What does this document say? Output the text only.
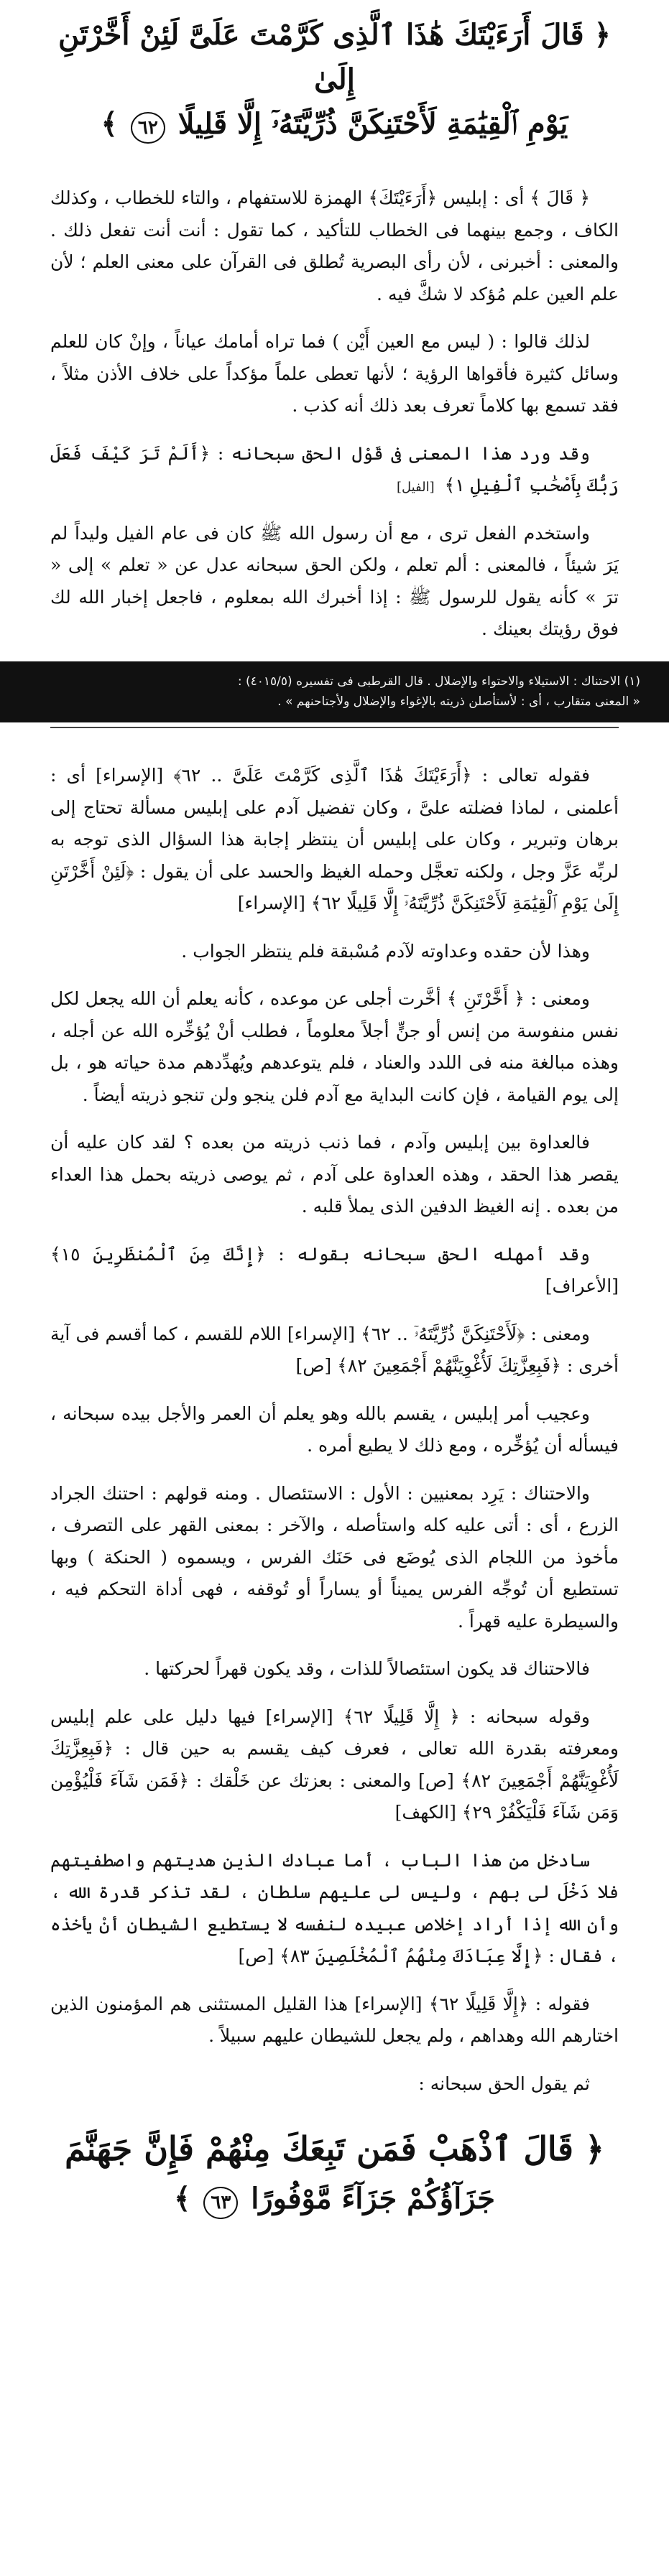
﴿ قَالَ أَرَءَيْتَكَ هَٰذَا ٱلَّذِى كَرَّمْتَ عَلَىَّ لَئِنْ أَخَّرْتَنِ إِلَىٰ
يَوْمِ ٱلْقِيَٰمَةِ لَأَحْتَنِكَنَّ ذُرِّيَّتَهُۥٓ إِلَّا قَلِيلًا ٦٢ ﴾

﴿ قَالَ ﴾ أى : إبليس ﴿أَرَءَيْتَكَ﴾ الهمزة للاستفهام ، والتاء للخطاب ، وكذلك الكاف ، وجمع بينهما فى الخطاب للتأكيد ، كما تقول : أنت أنت تفعل ذلك . والمعنى : أخبرنى ، لأن رأى البصرية تُطلق فى القرآن على معنى العلم ؛ لأن علم العين علم مُؤكد لا شكَّ فيه .

لذلك قالوا : ( ليس مع العين أَيْن ) فما تراه أمامك عياناً ، وإنْ كان للعلم وسائل كثيرة فأقواها الرؤية ؛ لأنها تعطى علماً مؤكداً على خلاف الأذن مثلاً ، فقد تسمع بها كلاماً تعرف بعد ذلك أنه كذب .

وقد ورد هذا المعنى فى قَوْل الحق سبحانه : ﴿أَلَمْ تَرَ كَيْفَ فَعَلَ رَبُّكَ بِأَصْحَٰبِ ٱلْفِيلِ ١﴾ [الفيل]

واستخدم الفعل ترى ، مع أن رسول الله ﷺ كان فى عام الفيل وليداً لم يَرَ شيئاً ، فالمعنى : ألم تعلم ، ولكن الحق سبحانه عدل عن « تعلم » إلى « ترَ » كأنه يقول للرسول ﷺ : إذا أخبرك الله بمعلوم ، فاجعل إخبار الله لك فوق رؤيتك بعينك .

(١) الاحتناك : الاستيلاء والاحتواء والإضلال . قال القرطبى فى تفسيره (٤٠١٥/٥) :
« المعنى متقارب ، أى : لأستأصلن ذريته بالإغواء والإضلال ولأجتاحنهم » .

فقوله تعالى : ﴿أَرَءَيْتَكَ هَٰذَا ٱلَّذِى كَرَّمْتَ عَلَىَّ .. ٦٢﴾ [الإسراء] أى : أعلمنى ، لماذا فضلته علىَّ ، وكان تفضيل آدم على إبليس مسألة تحتاج إلى برهان وتبرير ، وكان على إبليس أن ينتظر إجابة هذا السؤال الذى توجه به لربِّه عَزَّ وجل ، ولكنه تعجَّل وحمله الغيظ والحسد على أن يقول : ﴿لَئِنْ أَخَّرْتَنِ إِلَىٰ يَوْمِ ٱلْقِيَٰمَةِ لَأَحْتَنِكَنَّ ذُرِّيَّتَهُۥٓ إِلَّا قَلِيلًا ٦٢﴾ [الإسراء]

وهذا لأن حقده وعداوته لآدم مُسْبقة فلم ينتظر الجواب .

ومعنى : ﴿ أَخَّرْتَنِ ﴾ أخَّرت أجلى عن موعده ، كأنه يعلم أن الله يجعل لكل نفس منفوسة من إنس أو جنٍّ أجلاً معلوماً ، فطلب أنْ يُؤخِّره الله عن أجله ، وهذه مبالغة منه فى اللدد والعناد ، فلم يتوعدهم ويُهدِّدهم مدة حياته هو ، بل إلى يوم القيامة ، فإن كانت البداية مع آدم فلن ينجو ولن تنجو ذريته أيضاً .

فالعداوة بين إبليس وآدم ، فما ذنب ذريته من بعده ؟ لقد كان عليه أن يقصر هذا الحقد ، وهذه العداوة على آدم ، ثم يوصى ذريته بحمل هذا العداء من بعده . إنه الغيظ الدفين الذى يملأ قلبه .

وقد أمهله الحق سبحانه بقوله : ﴿إِنَّكَ مِنَ ٱلْمُنظَرِينَ ١٥﴾ [الأعراف]

ومعنى : ﴿لَأَحْتَنِكَنَّ ذُرِّيَّتَهُۥٓ .. ٦٢﴾ [الإسراء] اللام للقسم ، كما أقسم فى آية أخرى : ﴿فَبِعِزَّتِكَ لَأُغْوِيَنَّهُمْ أَجْمَعِينَ ٨٢﴾ [ص]

وعجيب أمر إبليس ، يقسم بالله وهو يعلم أن العمر والأجل بيده سبحانه ، فيسأله أن يُؤخِّره ، ومع ذلك لا يطيع أمره .

والاحتناك : يَرِد بمعنيين : الأول : الاستئصال . ومنه قولهم : احتنك الجراد الزرع ، أى : أتى عليه كله واستأصله ، والآخر : بمعنى القهر على التصرف ، مأخوذ من اللجام الذى يُوضَع فى حَنَك الفرس ، ويسموه ( الحنكة ) وبها تستطيع أن تُوجِّه الفرس يميناً أو يساراً أو تُوقفه ، فهى أداة التحكم فيه ، والسيطرة عليه قهراً .

فالاحتناك قد يكون استئصالاً للذات ، وقد يكون قهراً لحركتها .

وقوله سبحانه : ﴿ إِلَّا قَلِيلًا ٦٢﴾ [الإسراء] فيها دليل على علم إبليس ومعرفته بقدرة الله تعالى ، فعرف كيف يقسم به حين قال : ﴿فَبِعِزَّتِكَ لَأُغْوِيَنَّهُمْ أَجْمَعِينَ ٨٢﴾ [ص] والمعنى : بعزتك عن خَلْقك : ﴿فَمَن شَآءَ فَلْيُؤْمِن وَمَن شَآءَ فَلْيَكْفُرْ ٢٩﴾ [الكهف]

سادخل من هذا الباب ، أما عبادك الذين هديتهم واصطفيتهم فلا دَخْلَ لى بهم ، وليس لى عليهم سلطان ، لقد تذكر قدرة الله ، وأن الله إذا أراد إخلاص عبيده لنفسه لا يستطيع الشيطان أنْ يأخذه ، فقال : ﴿إِلَّا عِبَادَكَ مِنْهُمُ ٱلْمُخْلَصِينَ ٨٣﴾ [ص]

فقوله : ﴿إِلَّا قَلِيلًا ٦٢﴾ [الإسراء] هذا القليل المستثنى هم المؤمنون الذين اختارهم الله وهداهم ، ولم يجعل للشيطان عليهم سبيلاً .

ثم يقول الحق سبحانه :

﴿ قَالَ ٱذْهَبْ فَمَن تَبِعَكَ مِنْهُمْ فَإِنَّ جَهَنَّمَ
جَزَآؤُكُمْ جَزَآءً مَّوْفُورًا ٦٣ ﴾
